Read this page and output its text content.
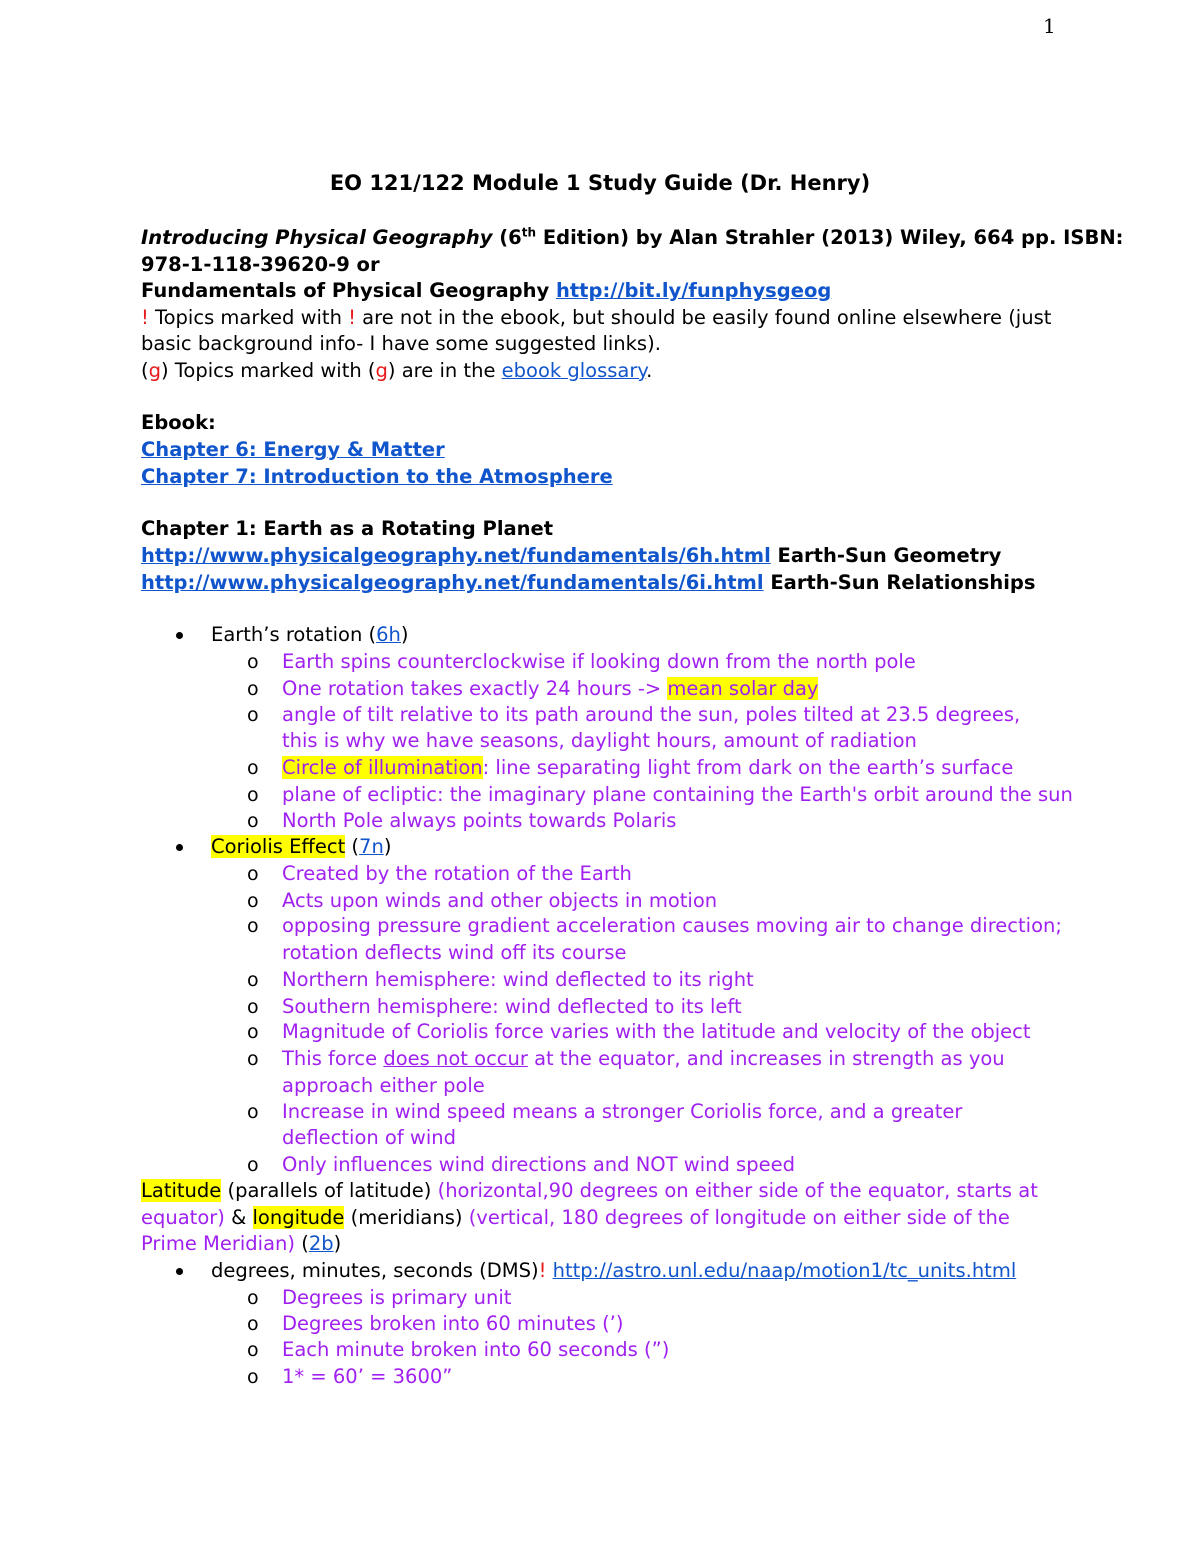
1
EO 121/122 Module 1 Study Guide (Dr. Henry)
Introducing Physical Geography (6th Edition) by Alan Strahler (2013) Wiley, 664 pp. ISBN:
978-1-118-39620-9 or
Fundamentals of Physical Geography http://bit.ly/funphysgeog
! Topics marked with ! are not in the ebook, but should be easily found online elsewhere (just
basic background info- I have some suggested links).
(g) Topics marked with (g) are in the ebook glossary.
Ebook:
Chapter 6: Energy & Matter
Chapter 7: Introduction to the Atmosphere
Chapter 1: Earth as a Rotating Planet
http://www.physicalgeography.net/fundamentals/6h.html Earth-Sun Geometry
http://www.physicalgeography.net/fundamentals/6i.html Earth-Sun Relationships
Earth’s rotation (6h)
o Earth spins counterclockwise if looking down from the north pole
o One rotation takes exactly 24 hours -> mean solar day
o angle of tilt relative to its path around the sun, poles tilted at 23.5 degrees,
this is why we have seasons, daylight hours, amount of radiation
o Circle of illumination: line separating light from dark on the earth’s surface
o plane of ecliptic: the imaginary plane containing the Earth's orbit around the sun
o North Pole always points towards Polaris
Coriolis Effect (7n)
o Created by the rotation of the Earth
o Acts upon winds and other objects in motion
o opposing pressure gradient acceleration causes moving air to change direction;
rotation deflects wind off its course
o Northern hemisphere: wind deflected to its right
o Southern hemisphere: wind deflected to its left
o Magnitude of Coriolis force varies with the latitude and velocity of the object
o This force does not occur at the equator, and increases in strength as you
approach either pole
o Increase in wind speed means a stronger Coriolis force, and a greater
deflection of wind
o Only influences wind directions and NOT wind speed
Latitude (parallels of latitude) (horizontal,90 degrees on either side of the equator, starts at
equator) & longitude (meridians) (vertical, 180 degrees of longitude on either side of the
Prime Meridian) (2b)
degrees, minutes, seconds (DMS)! http://astro.unl.edu/naap/motion1/tc_units.html
o Degrees is primary unit
o Degrees broken into 60 minutes (’)
o Each minute broken into 60 seconds (”)
o 1* = 60’ = 3600”
